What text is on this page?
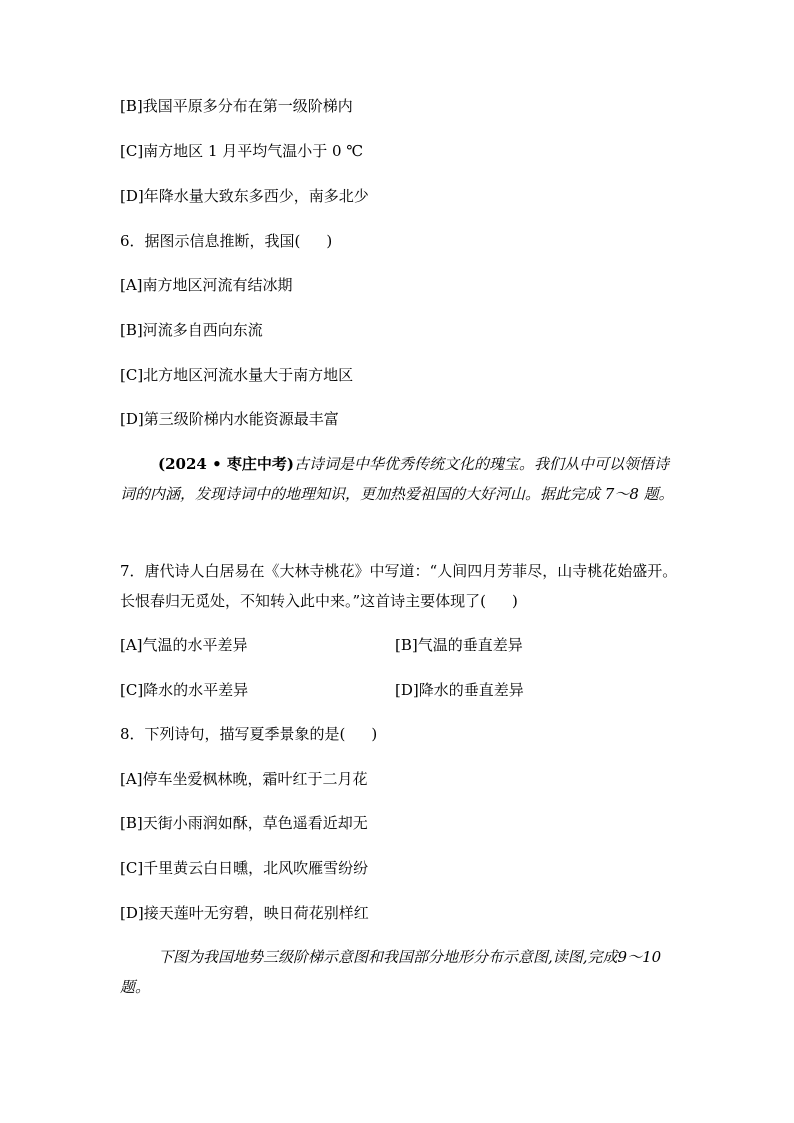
[B]我国平原多分布在第一级阶梯内
[C]南方地区 1 月平均气温小于 0 ℃
[D]年降水量大致东多西少，南多北少
6．据图示信息推断，我国( )
[A]南方地区河流有结冰期
[B]河流多自西向东流
[C]北方地区河流水量大于南方地区
[D]第三级阶梯内水能资源最丰富
(2024 • 枣庄中考)古诗词是中华优秀传统文化的瑰宝。我们从中可以领悟诗词的内涵，发现诗词中的地理知识，更加热爱祖国的大好河山。据此完成 7～8 题。
7．唐代诗人白居易在《大林寺桃花》中写道：“人间四月芳菲尽，山寺桃花始盛开。长恨春归无觅处，不知转入此中来。”这首诗主要体现了( )
[A]气温的水平差异	[B]气温的垂直差异
[C]降水的水平差异	[D]降水的垂直差异
8．下列诗句，描写夏季景象的是( )
[A]停车坐爱枫林晚，霜叶红于二月花
[B]天街小雨润如酥，草色遥看近却无
[C]千里黄云白日曛，北风吹雁雪纷纷
[D]接天莲叶无穷碧，映日荷花别样红
下图为我国地势三级阶梯示意图和我国部分地形分布示意图,读图,完成9～10 题。
